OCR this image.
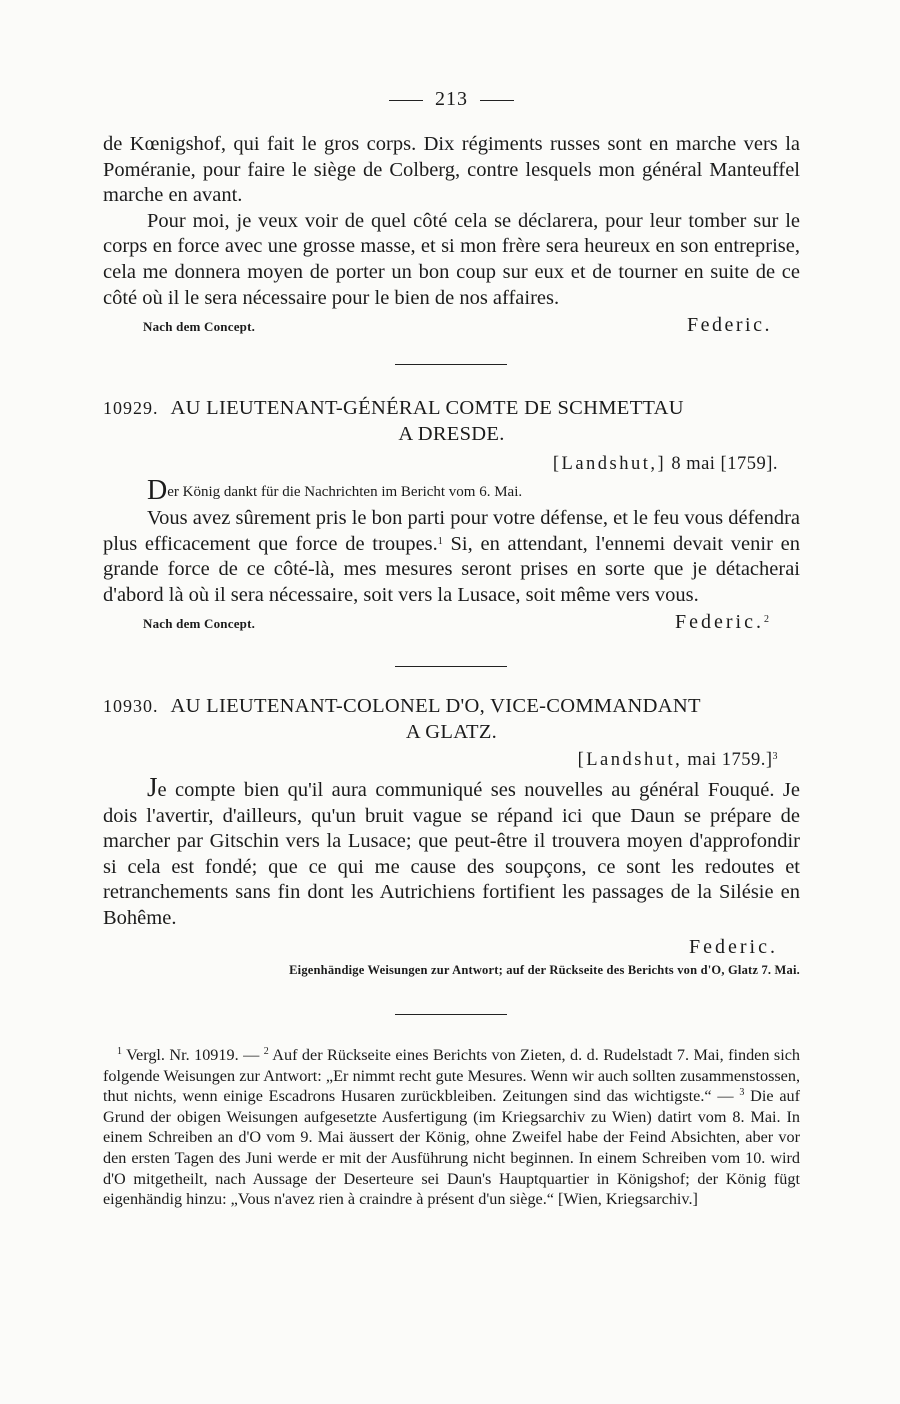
213

de Kœnigshof, qui fait le gros corps. Dix régiments russes sont en marche vers la Poméranie, pour faire le siège de Colberg, contre lesquels mon général Manteuffel marche en avant.

Pour moi, je veux voir de quel côté cela se déclarera, pour leur tomber sur le corps en force avec une grosse masse, et si mon frère sera heureux en son entreprise, cela me donnera moyen de porter un bon coup sur eux et de tourner en suite de ce côté où il le sera nécessaire pour le bien de nos affaires.

Nach dem Concept.	Federic.
10929. AU LIEUTENANT-GÉNÉRAL COMTE DE SCHMETTAU
A DRESDE.
[Landshut,] 8 mai [1759].
Der König dankt für die Nachrichten im Bericht vom 6. Mai.

Vous avez sûrement pris le bon parti pour votre défense, et le feu vous défendra plus efficacement que force de troupes.$^1$ Si, en attendant, l'ennemi devait venir en grande force de ce côté-là, mes mesures seront prises en sorte que je détacherai d'abord là où il sera nécessaire, soit vers la Lusace, soit même vers vous.

Nach dem Concept.	Federic.$^2$
10930. AU LIEUTENANT-COLONEL D'O, VICE-COMMANDANT
A GLATZ.
[Landshut, mai 1759.]$^3$

Je compte bien qu'il aura communiqué ses nouvelles au général Fouqué. Je dois l'avertir, d'ailleurs, qu'un bruit vague se répand ici que Daun se prépare de marcher par Gitschin vers la Lusace; que peut-être il trouvera moyen d'approfondir si cela est fondé; que ce qui me cause des soupçons, ce sont les redoutes et retranchements sans fin dont les Autrichiens fortifient les passages de la Silésie en Bohême.

Federic.
Eigenhändige Weisungen zur Antwort; auf der Rückseite des Berichts von d'O, Glatz 7. Mai.

$^1$ Vergl. Nr. 10919. — $^2$ Auf der Rückseite eines Berichts von Zieten, d. d. Rudelstadt 7. Mai, finden sich folgende Weisungen zur Antwort: „Er nimmt recht gute Mesures. Wenn wir auch sollten zusammenstossen, thut nichts, wenn einige Escadrons Husaren zurückbleiben. Zeitungen sind das wichtigste.“ — $^3$ Die auf Grund der obigen Weisungen aufgesetzte Ausfertigung (im Kriegsarchiv zu Wien) datirt vom 8. Mai. In einem Schreiben an d'O vom 9. Mai äussert der König, ohne Zweifel habe der Feind Absichten, aber vor den ersten Tagen des Juni werde er mit der Ausführung nicht beginnen. In einem Schreiben vom 10. wird d'O mitgetheilt, nach Aussage der Deserteure sei Daun's Hauptquartier in Königshof; der König fügt eigenhändig hinzu: „Vous n'avez rien à craindre à présent d'un siège.“ [Wien, Kriegsarchiv.]
